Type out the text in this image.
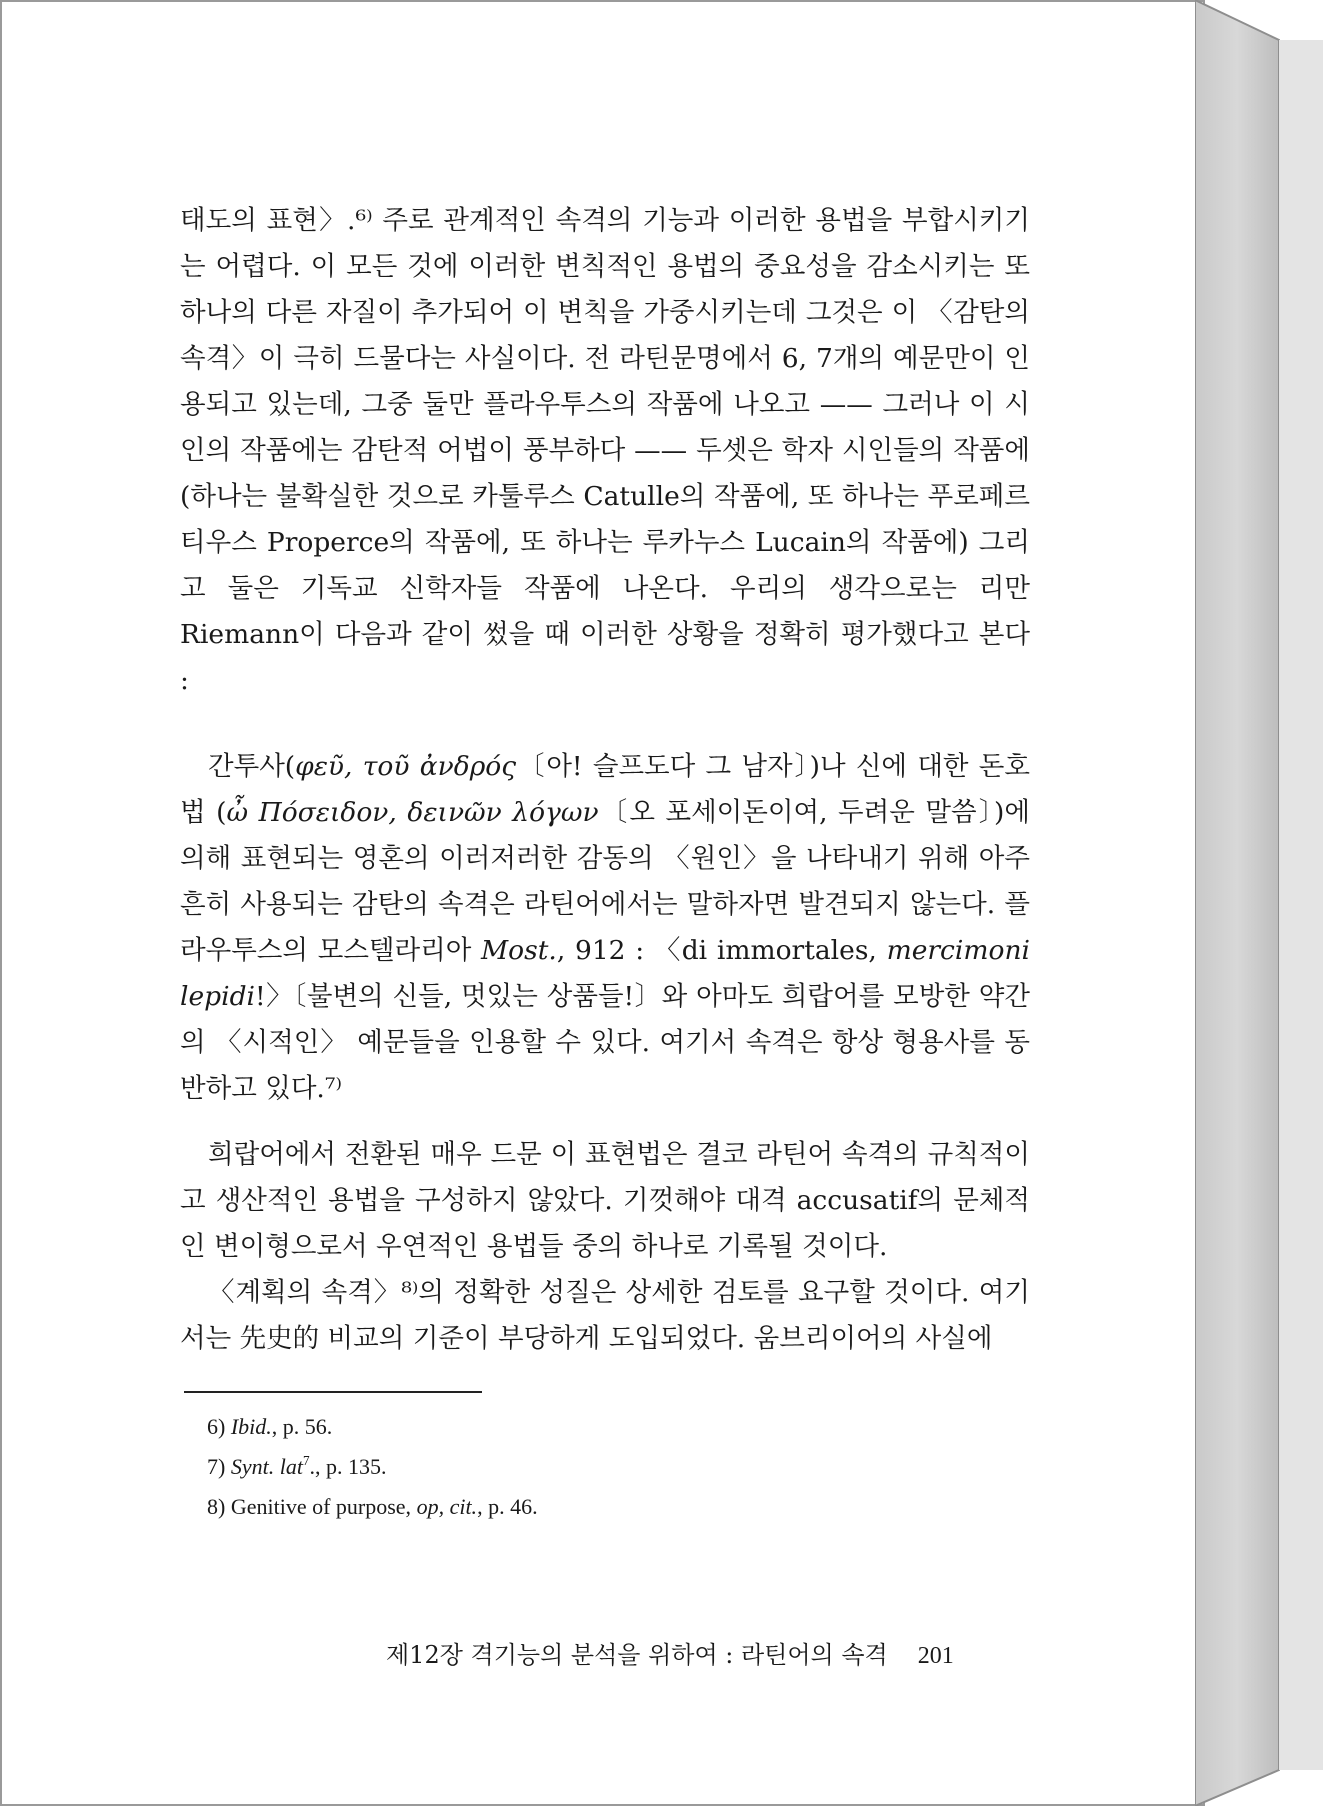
태도의 표현〉.⁶⁾ 주로 관계적인 속격의 기능과 이러한 용법을 부합시키기는 어렵다. 이 모든 것에 이러한 변칙적인 용법의 중요성을 감소시키는 또 하나의 다른 자질이 추가되어 이 변칙을 가중시키는데 그것은 이 〈감탄의 속격〉이 극히 드물다는 사실이다. 전 라틴문명에서 6, 7개의 예문만이 인용되고 있는데, 그중 둘만 플라우투스의 작품에 나오고 —— 그러나 이 시인의 작품에는 감탄적 어법이 풍부하다 —— 두셋은 학자 시인들의 작품에(하나는 불확실한 것으로 카툴루스 Catulle의 작품에, 또 하나는 푸로페르티우스 Properce의 작품에, 또 하나는 루카누스 Lucain의 작품에) 그리고 둘은 기독교 신학자들 작품에 나온다. 우리의 생각으로는 리만 Riemann이 다음과 같이 썼을 때 이러한 상황을 정확히 평가했다고 본다 :

간투사(φεῦ, τοῦ ἀνδρός〔아! 슬프도다 그 남자〕)나 신에 대한 돈호법 (ὦ Πόσειδον, δεινῶν λόγων〔오 포세이돈이여, 두려운 말씀〕)에 의해 표현되는 영혼의 이러저러한 감동의 〈원인〉을 나타내기 위해 아주 흔히 사용되는 감탄의 속격은 라틴어에서는 말하자면 발견되지 않는다. 플라우투스의 모스텔라리아 Most., 912 : 〈di immortales, mercimoni lepidi!〉〔불변의 신들, 멋있는 상품들!〕와 아마도 희랍어를 모방한 약간의 〈시적인〉 예문들을 인용할 수 있다. 여기서 속격은 항상 형용사를 동반하고 있다.⁷⁾

희랍어에서 전환된 매우 드문 이 표현법은 결코 라틴어 속격의 규칙적이고 생산적인 용법을 구성하지 않았다. 기껏해야 대격 accusatif의 문체적인 변이형으로서 우연적인 용법들 중의 하나로 기록될 것이다.

〈계획의 속격〉⁸⁾의 정확한 성질은 상세한 검토를 요구할 것이다. 여기서는 先史的 비교의 기준이 부당하게 도입되었다. 움브리이어의 사실에

6) Ibid., p. 56.
7) Synt. lat$^7$., p. 135.
8) Genitive of purpose, op, cit., p. 46.
제12장 격기능의 분석을 위하여 : 라틴어의 속격 201
